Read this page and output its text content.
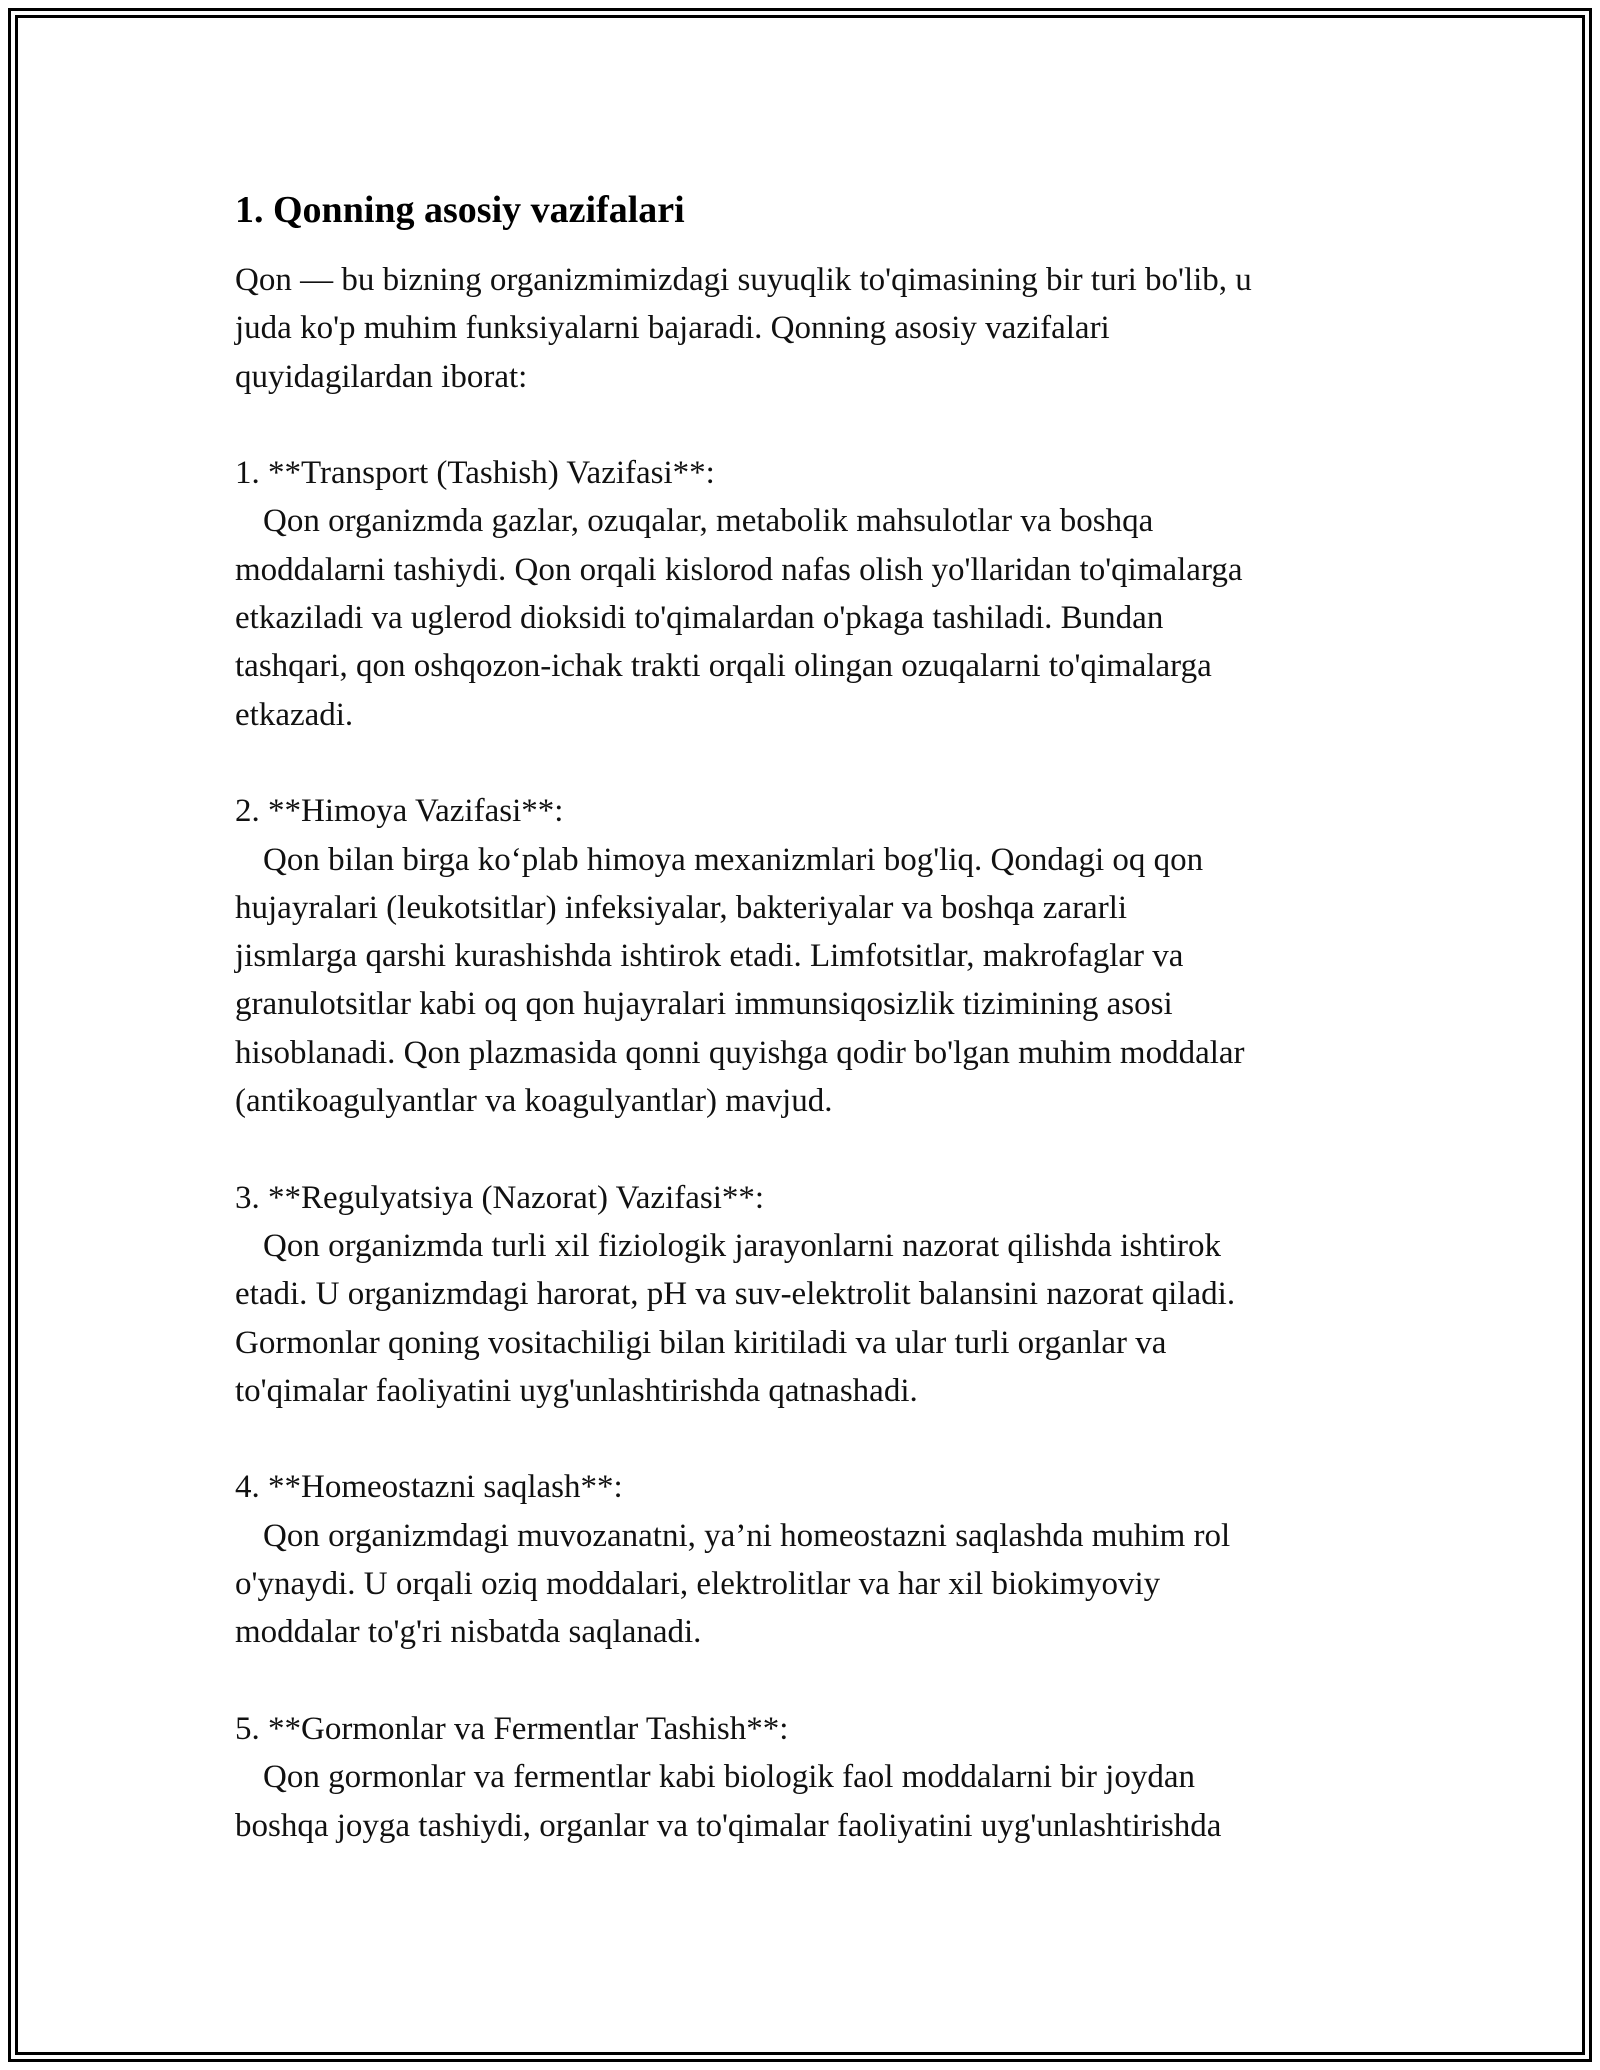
1. Qonning asosiy vazifalari

Qon — bu bizning organizmimizdagi suyuqlik to'qimasining bir turi bo'lib, u

juda ko'p muhim funksiyalarni bajaradi. Qonning asosiy vazifalari

quyidagilardan iborat:

1. **Transport (Tashish) Vazifasi**:

Qon organizmda gazlar, ozuqalar, metabolik mahsulotlar va boshqa

moddalarni tashiydi. Qon orqali kislorod nafas olish yo'llaridan to'qimalarga

etkaziladi va uglerod dioksidi to'qimalardan o'pkaga tashiladi. Bundan

tashqari, qon oshqozon-ichak trakti orqali olingan ozuqalarni to'qimalarga

etkazadi.

2. **Himoya Vazifasi**:

Qon bilan birga ko‘plab himoya mexanizmlari bog'liq. Qondagi oq qon

hujayralari (leukotsitlar) infeksiyalar, bakteriyalar va boshqa zararli

jismlarga qarshi kurashishda ishtirok etadi. Limfotsitlar, makrofaglar va

granulotsitlar kabi oq qon hujayralari immunsiqosizlik tizimining asosi

hisoblanadi. Qon plazmasida qonni quyishga qodir bo'lgan muhim moddalar

(antikoagulyantlar va koagulyantlar) mavjud.

3. **Regulyatsiya (Nazorat) Vazifasi**:

Qon organizmda turli xil fiziologik jarayonlarni nazorat qilishda ishtirok

etadi. U organizmdagi harorat, pH va suv-elektrolit balansini nazorat qiladi.

Gormonlar qoning vositachiligi bilan kiritiladi va ular turli organlar va

to'qimalar faoliyatini uyg'unlashtirishda qatnashadi.

4. **Homeostazni saqlash**:

Qon organizmdagi muvozanatni, ya’ni homeostazni saqlashda muhim rol

o'ynaydi. U orqali oziq moddalari, elektrolitlar va har xil biokimyoviy

moddalar to'g'ri nisbatda saqlanadi.

5. **Gormonlar va Fermentlar Tashish**:

Qon gormonlar va fermentlar kabi biologik faol moddalarni bir joydan

boshqa joyga tashiydi, organlar va to'qimalar faoliyatini uyg'unlashtirishda
